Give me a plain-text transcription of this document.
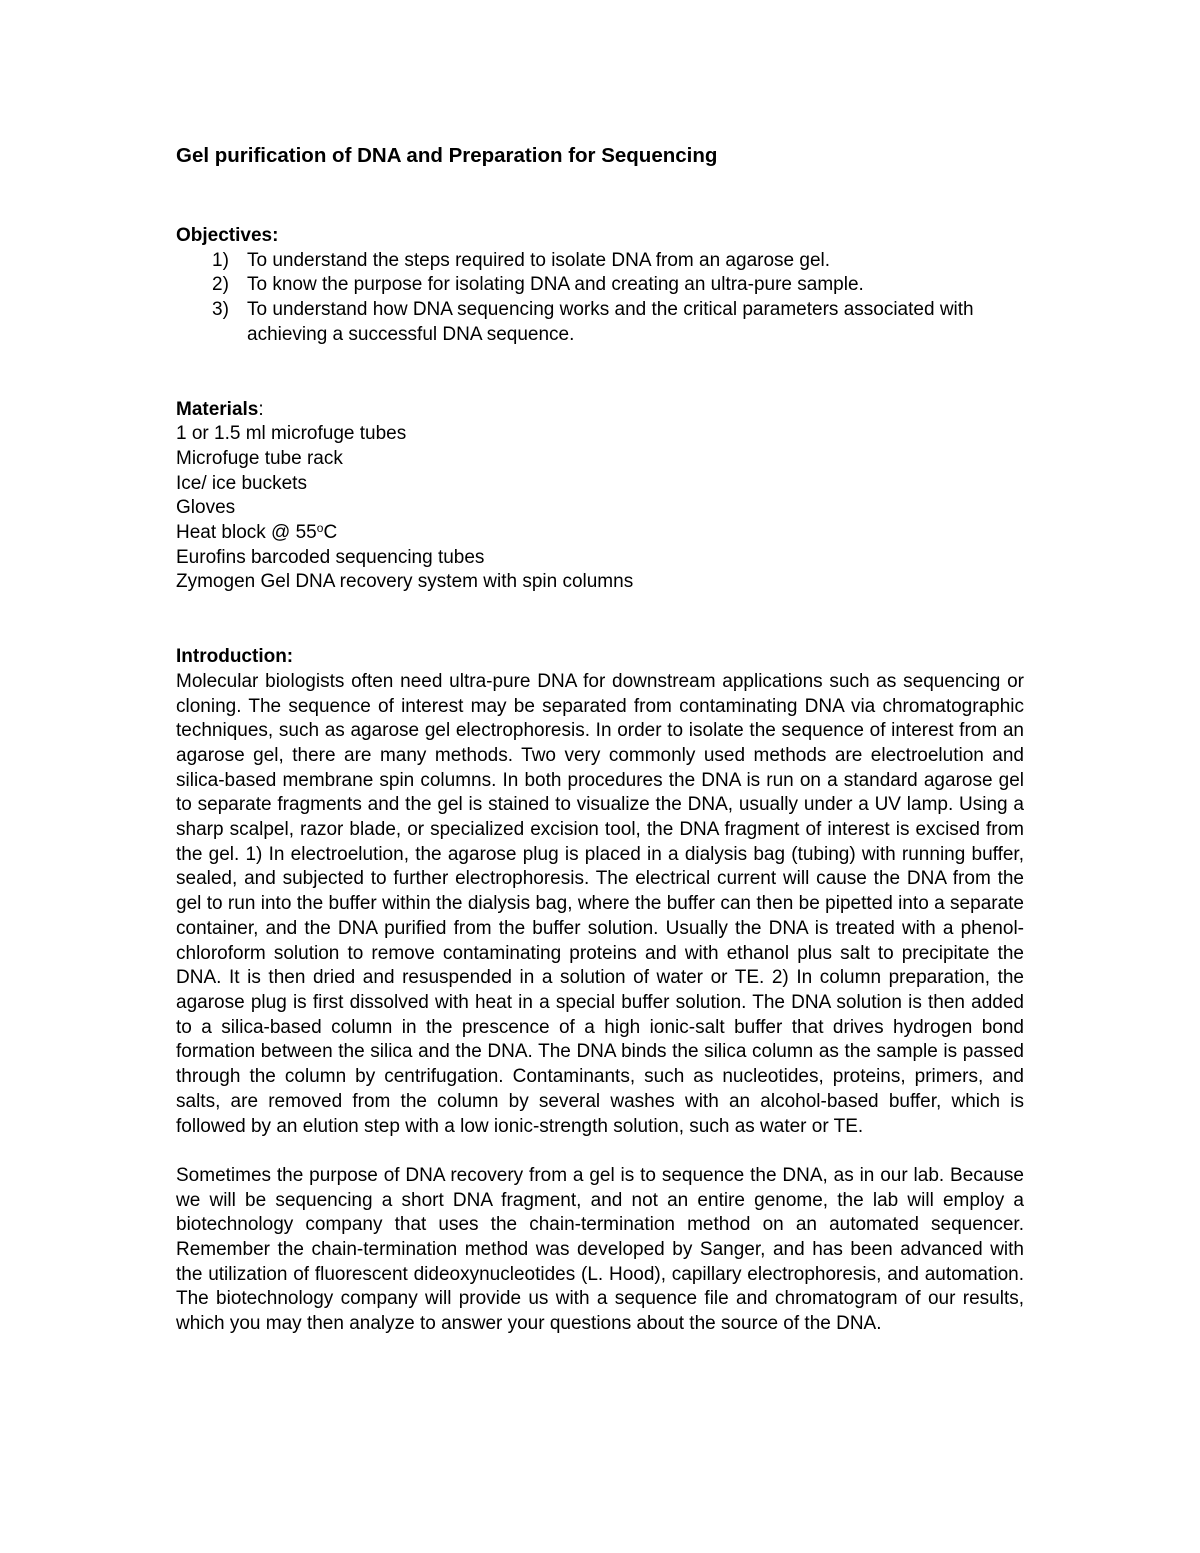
Gel purification of DNA and Preparation for Sequencing

Objectives:

1) To understand the steps required to isolate DNA from an agarose gel.
2) To know the purpose for isolating DNA and creating an ultra-pure sample.
3) To understand how DNA sequencing works and the critical parameters associated with achieving a successful DNA sequence.

Materials:

1 or 1.5 ml microfuge tubes
Microfuge tube rack
Ice/ ice buckets
Gloves
Heat block @ 55$^o$C
Eurofins barcoded sequencing tubes
Zymogen Gel DNA recovery system with spin columns

Introduction:

Molecular biologists often need ultra-pure DNA for downstream applications such as sequencing or cloning. The sequence of interest may be separated from contaminating DNA via chromatographic techniques, such as agarose gel electrophoresis. In order to isolate the sequence of interest from an agarose gel, there are many methods. Two very commonly used methods are electroelution and silica-based membrane spin columns. In both procedures the DNA is run on a standard agarose gel to separate fragments and the gel is stained to visualize the DNA, usually under a UV lamp. Using a sharp scalpel, razor blade, or specialized excision tool, the DNA fragment of interest is excised from the gel. 1) In electroelution, the agarose plug is placed in a dialysis bag (tubing) with running buffer, sealed, and subjected to further electrophoresis. The electrical current will cause the DNA from the gel to run into the buffer within the dialysis bag, where the buffer can then be pipetted into a separate container, and the DNA purified from the buffer solution. Usually the DNA is treated with a phenol-chloroform solution to remove contaminating proteins and with ethanol plus salt to precipitate the DNA. It is then dried and resuspended in a solution of water or TE. 2) In column preparation, the agarose plug is first dissolved with heat in a special buffer solution. The DNA solution is then added to a silica-based column in the prescence of a high ionic-salt buffer that drives hydrogen bond formation between the silica and the DNA. The DNA binds the silica column as the sample is passed through the column by centrifugation. Contaminants, such as nucleotides, proteins, primers, and salts, are removed from the column by several washes with an alcohol-based buffer, which is followed by an elution step with a low ionic-strength solution, such as water or TE.

Sometimes the purpose of DNA recovery from a gel is to sequence the DNA, as in our lab. Because we will be sequencing a short DNA fragment, and not an entire genome, the lab will employ a biotechnology company that uses the chain-termination method on an automated sequencer. Remember the chain-termination method was developed by Sanger, and has been advanced with the utilization of fluorescent dideoxynucleotides (L. Hood), capillary electrophoresis, and automation. The biotechnology company will provide us with a sequence file and chromatogram of our results, which you may then analyze to answer your questions about the source of the DNA.
